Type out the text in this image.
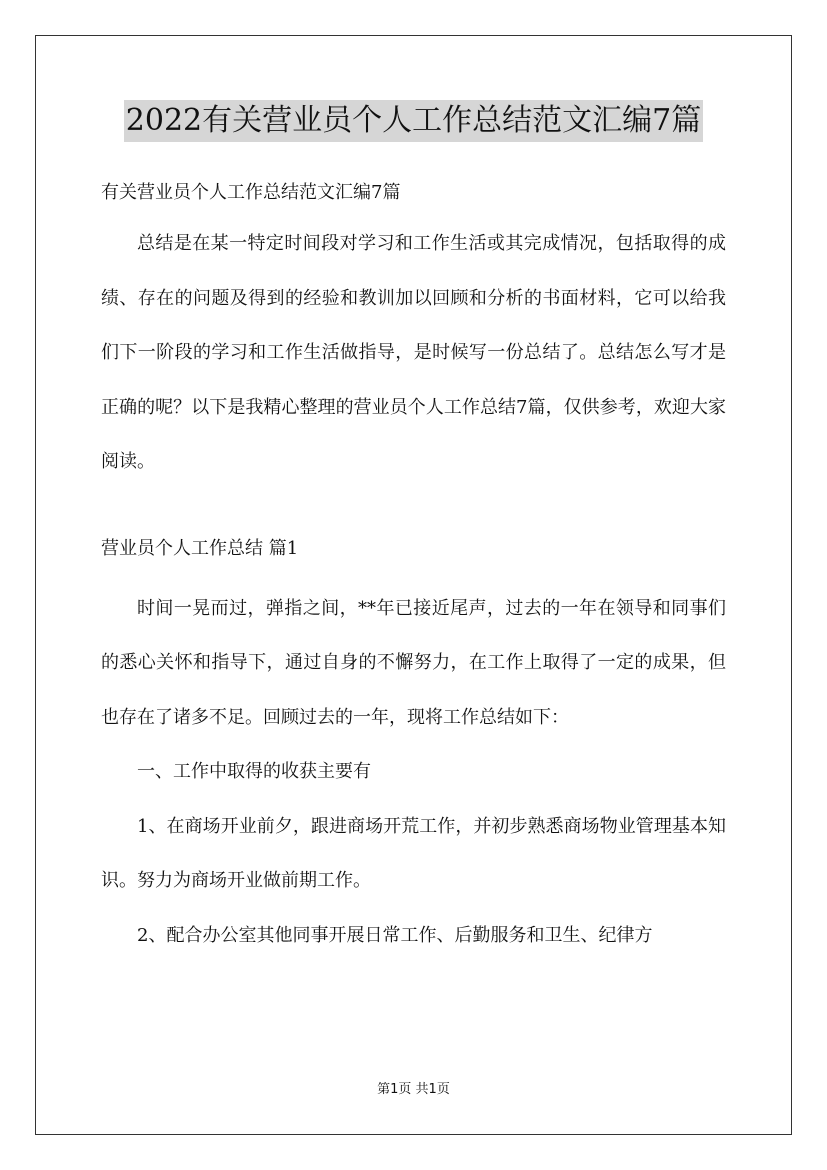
2022有关营业员个人工作总结范文汇编7篇

有关营业员个人工作总结范文汇编7篇

总结是在某一特定时间段对学习和工作生活或其完成情况，包括取得的成绩、存在的问题及得到的经验和教训加以回顾和分析的书面材料，它可以给我们下一阶段的学习和工作生活做指导，是时候写一份总结了。总结怎么写才是正确的呢？以下是我精心整理的营业员个人工作总结7篇，仅供参考，欢迎大家阅读。

营业员个人工作总结 篇1

时间一晃而过，弹指之间，**年已接近尾声，过去的一年在领导和同事们的悉心关怀和指导下，通过自身的不懈努力，在工作上取得了一定的成果，但也存在了诸多不足。回顾过去的一年，现将工作总结如下：

一、工作中取得的收获主要有

1、在商场开业前夕，跟进商场开荒工作，并初步熟悉商场物业管理基本知识。努力为商场开业做前期工作。

2、配合办公室其他同事开展日常工作、后勤服务和卫生、纪律方

第1页 共1页
